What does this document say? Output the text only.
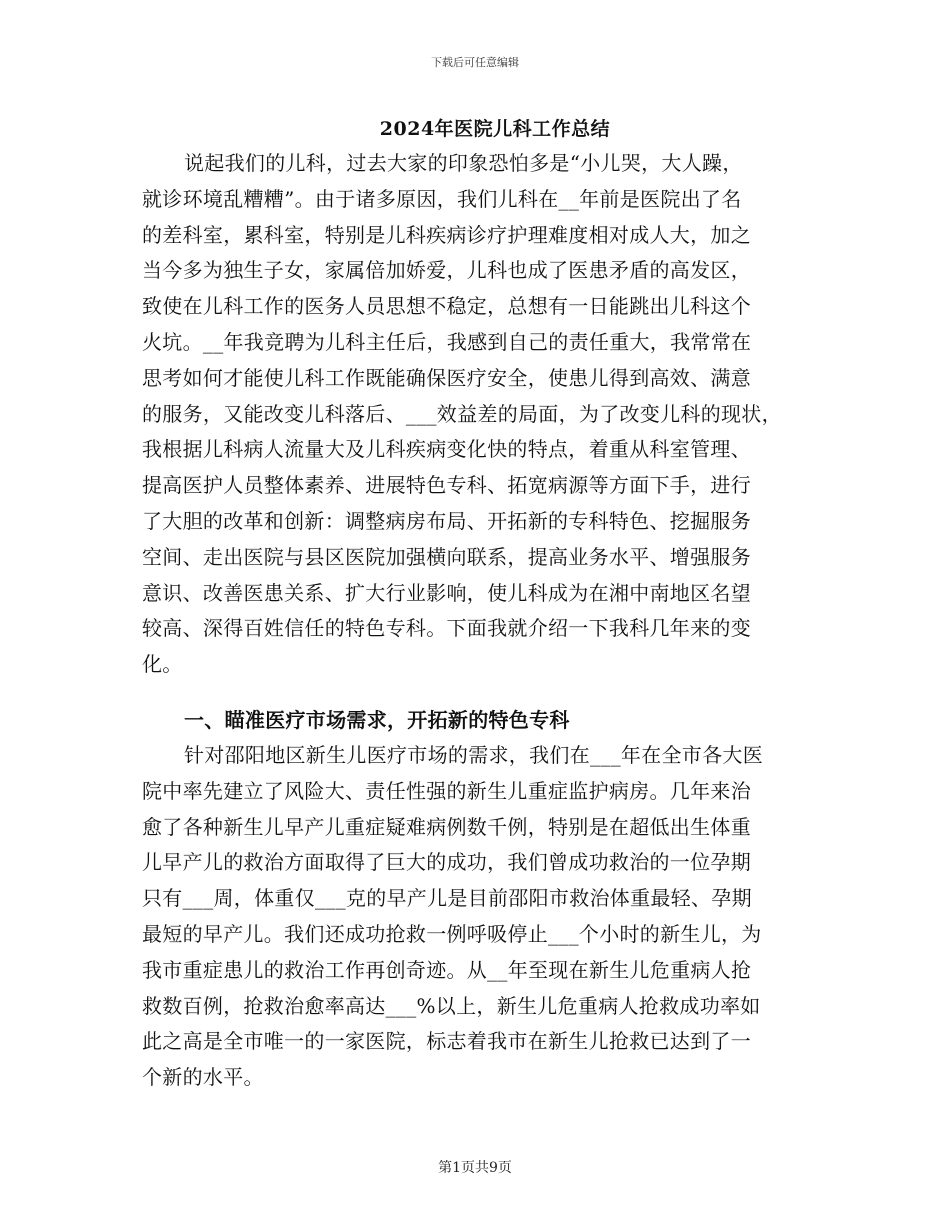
下载后可任意编辑
2024年医院儿科工作总结
说起我们的儿科，过去大家的印象恐怕多是“小儿哭，大人躁，
就诊环境乱糟糟”。由于诸多原因，我们儿科在__年前是医院出了名
的差科室，累科室，特别是儿科疾病诊疗护理难度相对成人大，加之
当今多为独生子女，家属倍加娇爱，儿科也成了医患矛盾的高发区，
致使在儿科工作的医务人员思想不稳定，总想有一日能跳出儿科这个
火坑。__年我竞聘为儿科主任后，我感到自己的责任重大，我常常在
思考如何才能使儿科工作既能确保医疗安全，使患儿得到高效、满意
的服务，又能改变儿科落后、___效益差的局面，为了改变儿科的现状，
我根据儿科病人流量大及儿科疾病变化快的特点，着重从科室管理、
提高医护人员整体素养、进展特色专科、拓宽病源等方面下手，进行
了大胆的改革和创新：调整病房布局、开拓新的专科特色、挖掘服务
空间、走出医院与县区医院加强横向联系，提高业务水平、增强服务
意识、改善医患关系、扩大行业影响，使儿科成为在湘中南地区名望
较高、深得百姓信任的特色专科。下面我就介绍一下我科几年来的变
化。
一、瞄准医疗市场需求，开拓新的特色专科
针对邵阳地区新生儿医疗市场的需求，我们在___年在全市各大医
院中率先建立了风险大、责任性强的新生儿重症监护病房。几年来治
愈了各种新生儿早产儿重症疑难病例数千例，特别是在超低出生体重
儿早产儿的救治方面取得了巨大的成功，我们曾成功救治的一位孕期
只有___周，体重仅___克的早产儿是目前邵阳市救治体重最轻、孕期
最短的早产儿。我们还成功抢救一例呼吸停止___个小时的新生儿，为
我市重症患儿的救治工作再创奇迹。从__年至现在新生儿危重病人抢
救数百例，抢救治愈率高达___%以上，新生儿危重病人抢救成功率如
此之高是全市唯一的一家医院，标志着我市在新生儿抢救已达到了一
个新的水平。
第1页共9页
